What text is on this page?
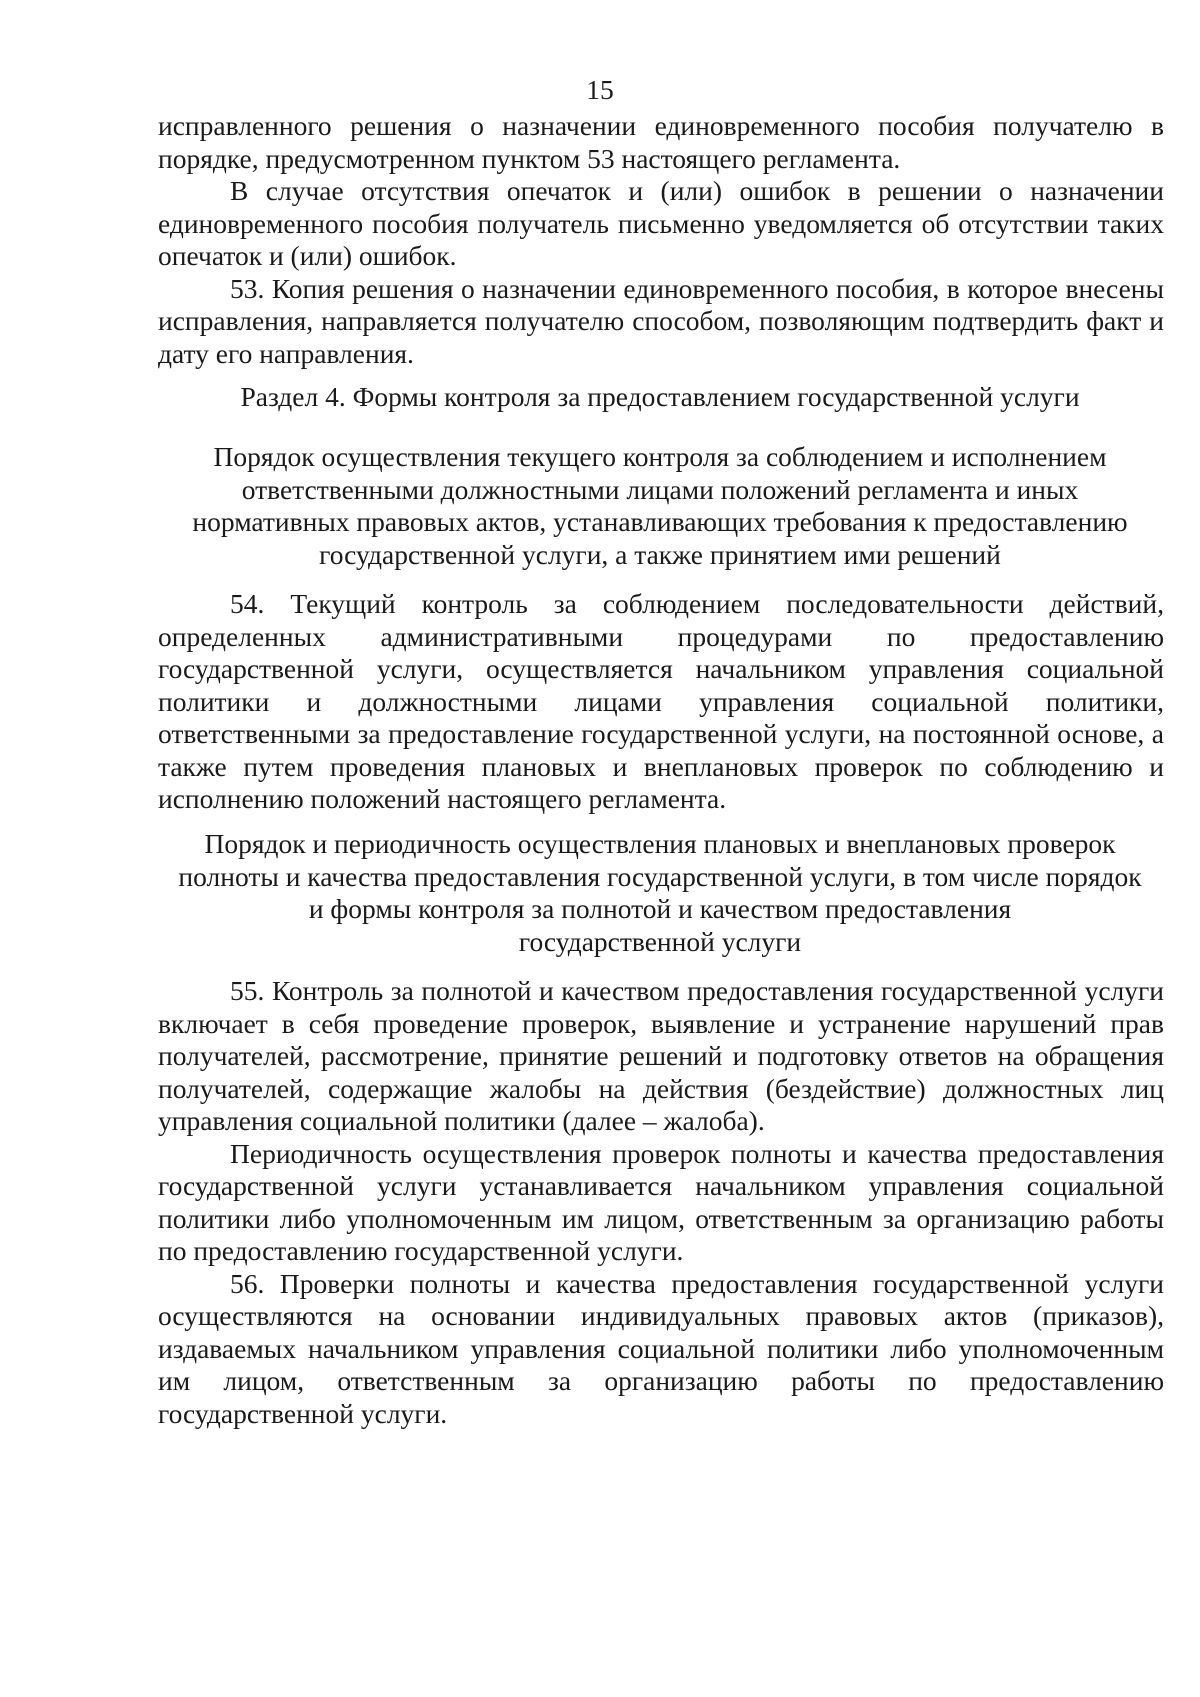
15

исправленного решения о назначении единовременного пособия получателю в порядке, предусмотренном пунктом 53 настоящего регламента.

В случае отсутствия опечаток и (или) ошибок в решении о назначении единовременного пособия получатель письменно уведомляется об отсутствии таких опечаток и (или) ошибок.

53. Копия решения о назначении единовременного пособия, в которое внесены исправления, направляется получателю способом, позволяющим подтвердить факт и дату его направления.

Раздел 4. Формы контроля за предоставлением государственной услуги
Порядок осуществления текущего контроля за соблюдением и исполнением
ответственными должностными лицами положений регламента и иных
нормативных правовых актов, устанавливающих требования к предоставлению
государственной услуги, а также принятием ими решений

54. Текущий контроль за соблюдением последовательности действий, определенных административными процедурами по предоставлению государственной услуги, осуществляется начальником управления социальной политики и должностными лицами управления социальной политики, ответственными за предоставление государственной услуги, на постоянной основе, а также путем проведения плановых и внеплановых проверок по соблюдению и исполнению положений настоящего регламента.

Порядок и периодичность осуществления плановых и внеплановых проверок
полноты и качества предоставления государственной услуги, в том числе порядок
и формы контроля за полнотой и качеством предоставления
государственной услуги

55. Контроль за полнотой и качеством предоставления государственной услуги включает в себя проведение проверок, выявление и устранение нарушений прав получателей, рассмотрение, принятие решений и подготовку ответов на обращения получателей, содержащие жалобы на действия (бездействие) должностных лиц управления социальной политики (далее – жалоба).

Периодичность осуществления проверок полноты и качества предоставления государственной услуги устанавливается начальником управления социальной политики либо уполномоченным им лицом, ответственным за организацию работы по предоставлению государственной услуги.

56. Проверки полноты и качества предоставления государственной услуги осуществляются на основании индивидуальных правовых актов (приказов), издаваемых начальником управления социальной политики либо уполномоченным им лицом, ответственным за организацию работы по предоставлению государственной услуги.
